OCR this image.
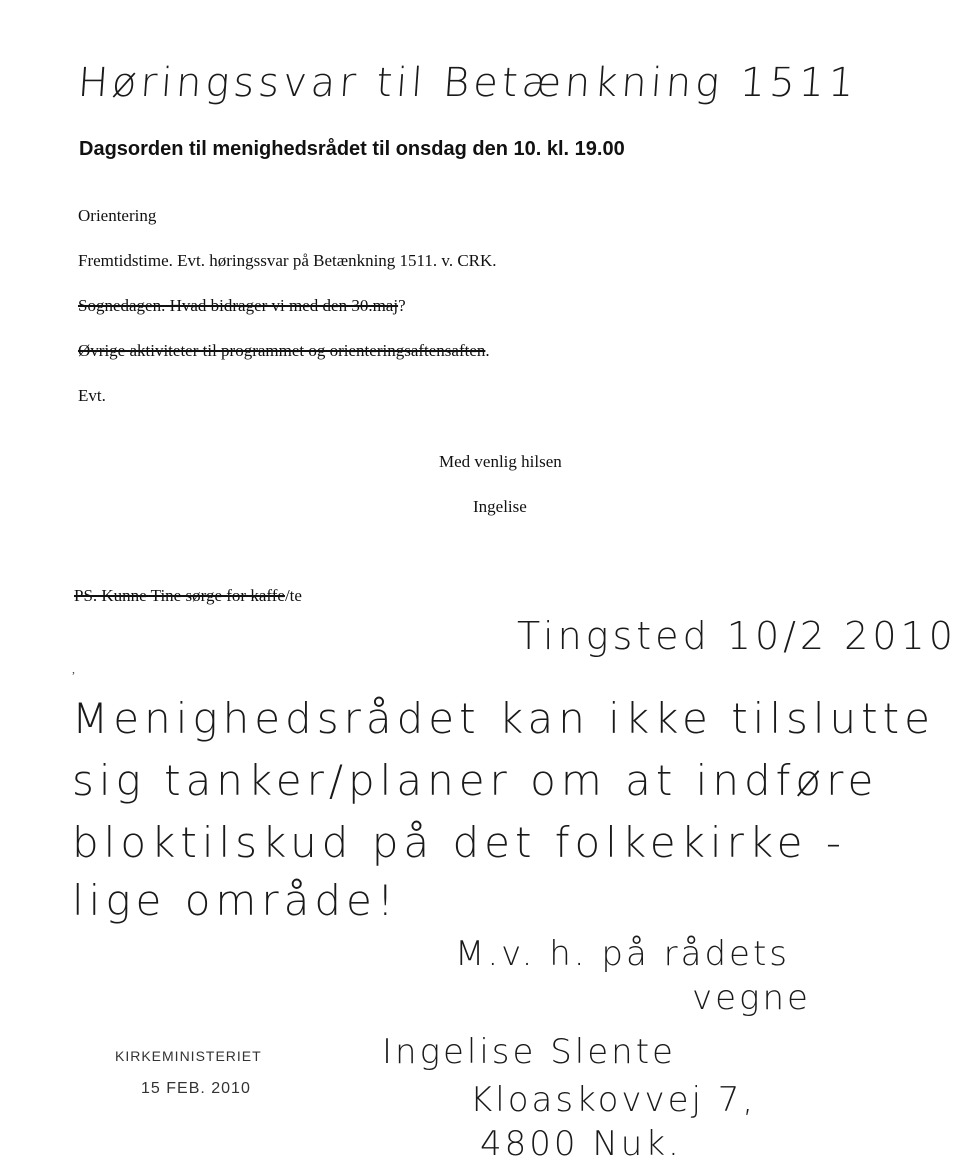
Høringssvar til Betænkning 1511
Dagsorden til menighedsrådet til onsdag den 10. kl. 19.00
Orientering
Fremtidstime. Evt. høringssvar på Betænkning 1511. v. CRK.
Sognedagen. Hvad bidrager vi med den 30.maj?
Øvrige aktiviteter til programmet og orienteringsaftensaften.
Evt.
Med venlig hilsen
Ingelise
PS. Kunne Tine sørge for kaffe/te
Tingsted 10/2 2010
,
Menighedsrådet kan ikke tilslutte
sig tanker/planer om at indføre
bloktilskud på det folkekirke -
lige område!
M.v. h. på rådets
vegne
Ingelise Slente
Kloaskovvej 7,
4800 Nuk.
KIRKEMINISTERIET
15 FEB. 2010
